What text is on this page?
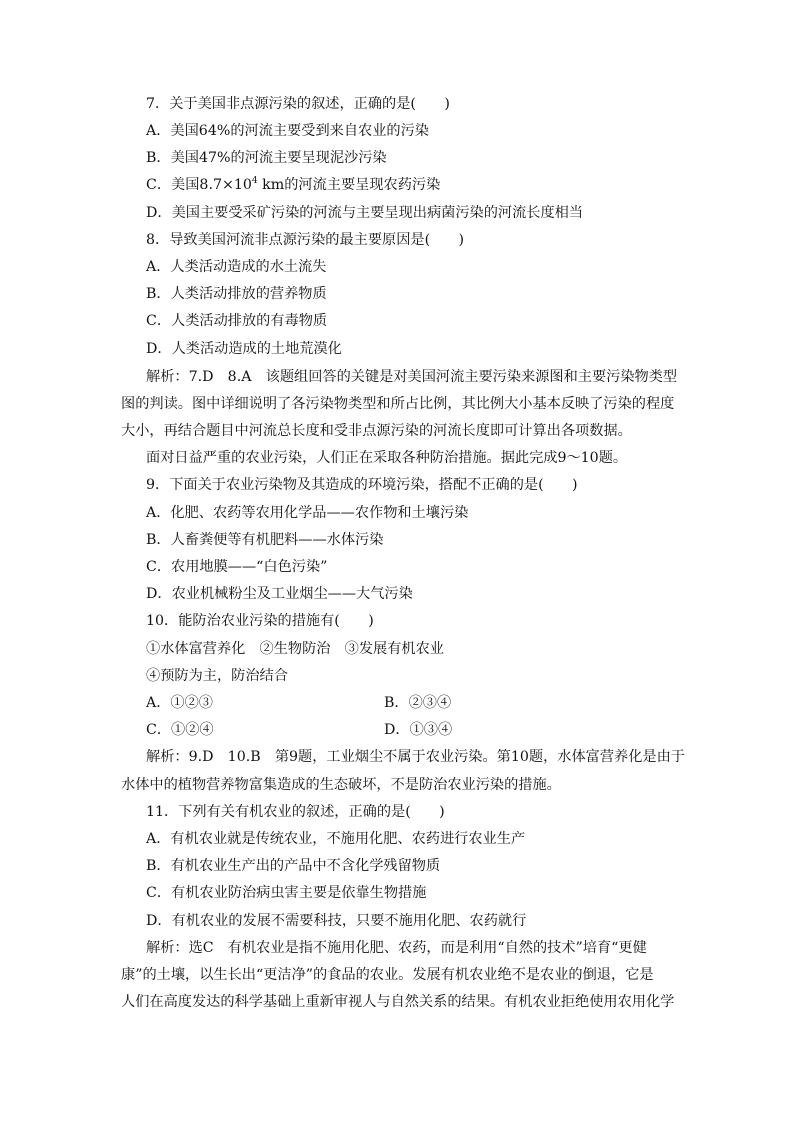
7．关于美国非点源污染的叙述，正确的是(　　)
A．美国64%的河流主要受到来自农业的污染
B．美国47%的河流主要呈现泥沙污染
C．美国$8.7\times 10^4$ km的河流主要呈现农药污染
D．美国主要受采矿污染的河流与主要呈现出病菌污染的河流长度相当
8．导致美国河流非点源污染的最主要原因是(　　)
A．人类活动造成的水土流失
B．人类活动排放的营养物质
C．人类活动排放的有毒物质
D．人类活动造成的土地荒漠化
解析：7.D　8.A　该题组回答的关键是对美国河流主要污染来源图和主要污染物类型
图的判读。图中详细说明了各污染物类型和所占比例，其比例大小基本反映了污染的程度
大小，再结合题目中河流总长度和受非点源污染的河流长度即可计算出各项数据。
面对日益严重的农业污染，人们正在采取各种防治措施。据此完成9～10题。
9．下面关于农业污染物及其造成的环境污染，搭配不正确的是(　　)
A．化肥、农药等农用化学品——农作物和土壤污染
B．人畜粪便等有机肥料——水体污染
C．农用地膜——“白色污染”
D．农业机械粉尘及工业烟尘——大气污染
10．能防治农业污染的措施有(　　)
①水体富营养化　②生物防治　③发展有机农业
④预防为主，防治结合
A．①②③	B．②③④
C．①②④	D．①③④
解析：9.D　10.B　第9题，工业烟尘不属于农业污染。第10题，水体富营养化是由于
水体中的植物营养物富集造成的生态破坏，不是防治农业污染的措施。
11．下列有关有机农业的叙述，正确的是(　　)
A．有机农业就是传统农业，不施用化肥、农药进行农业生产
B．有机农业生产出的产品中不含化学残留物质
C．有机农业防治病虫害主要是依靠生物措施
D．有机农业的发展不需要科技，只要不施用化肥、农药就行
解析：选C　有机农业是指不施用化肥、农药，而是利用“自然的技术”培育“更健
康”的土壤，以生长出“更洁净”的食品的农业。发展有机农业绝不是农业的倒退，它是
人们在高度发达的科学基础上重新审视人与自然关系的结果。有机农业拒绝使用农用化学
